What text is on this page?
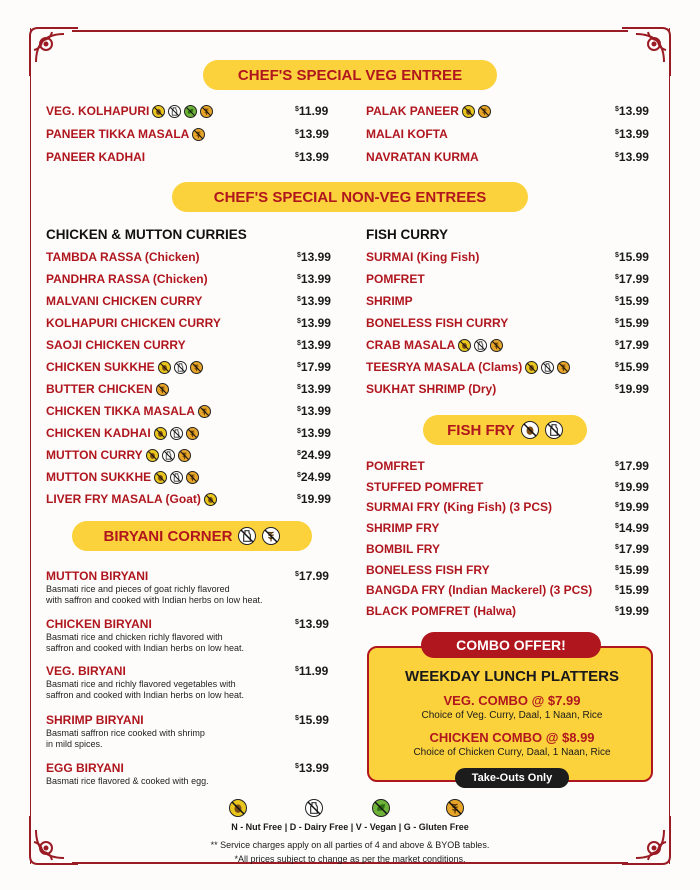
CHEF'S SPECIAL VEG ENTREE
CHEF'S SPECIAL NON-VEG ENTREES
BIRYANI CORNER
FISH FRY
CHICKEN & MUTTON CURRIES	FISH CURRY
VEG. KOLHAPURI	$11.99
PANEER TIKKA MASALA	$13.99
PANEER KADHAI	$13.99
PALAK PANEER	$13.99
MALAI KOFTA	$13.99
NAVRATAN KURMA	$13.99
TAMBDA RASSA (Chicken)	$13.99
PANDHRA RASSA (Chicken)	$13.99
MALVANI CHICKEN CURRY	$13.99
KOLHAPURI CHICKEN CURRY	$13.99
SAOJI CHICKEN CURRY	$13.99
CHICKEN SUKKHE	$17.99
BUTTER CHICKEN	$13.99
CHICKEN TIKKA MASALA	$13.99
CHICKEN KADHAI	$13.99
MUTTON CURRY	$24.99
MUTTON SUKKHE	$24.99
LIVER FRY MASALA (Goat)	$19.99
SURMAI (King Fish)	$15.99
POMFRET	$17.99
SHRIMP	$15.99
BONELESS FISH CURRY	$15.99
CRAB MASALA	$17.99
TEESRYA MASALA (Clams)	$15.99
SUKHAT SHRIMP (Dry)	$19.99
POMFRET	$17.99
STUFFED POMFRET	$19.99
SURMAI FRY (King Fish) (3 PCS)	$19.99
SHRIMP FRY	$14.99
BOMBIL FRY	$17.99
BONELESS FISH FRY	$15.99
BANGDA FRY (Indian Mackerel) (3 PCS)	$15.99
BLACK POMFRET (Halwa)	$19.99
MUTTON BIRYANI	$17.99
Basmati rice and pieces of goat richly flavored
with saffron and cooked with Indian herbs on low heat.
CHICKEN BIRYANI	$13.99
Basmati rice and chicken richly flavored with
saffron and cooked with Indian herbs on low heat.
VEG. BIRYANI	$11.99
Basmati rice and richly flavored vegetables with
saffron and cooked with Indian herbs on low heat.
SHRIMP BIRYANI	$15.99
Basmati saffron rice cooked with shrimp
in mild spices.
EGG BIRYANI	$13.99
Basmati rice flavored & cooked with egg.
COMBO OFFER!
WEEKDAY LUNCH PLATTERS
VEG. COMBO @ $7.99
Choice of Veg. Curry, Daal, 1 Naan, Rice
CHICKEN COMBO @ $8.99
Choice of Chicken Curry, Daal, 1 Naan, Rice
Take-Outs Only
N - Nut Free | D - Dairy Free | V - Vegan | G - Gluten Free
** Service charges apply on all parties of 4 and above & BYOB tables.
*All prices subject to change as per the market conditions.
